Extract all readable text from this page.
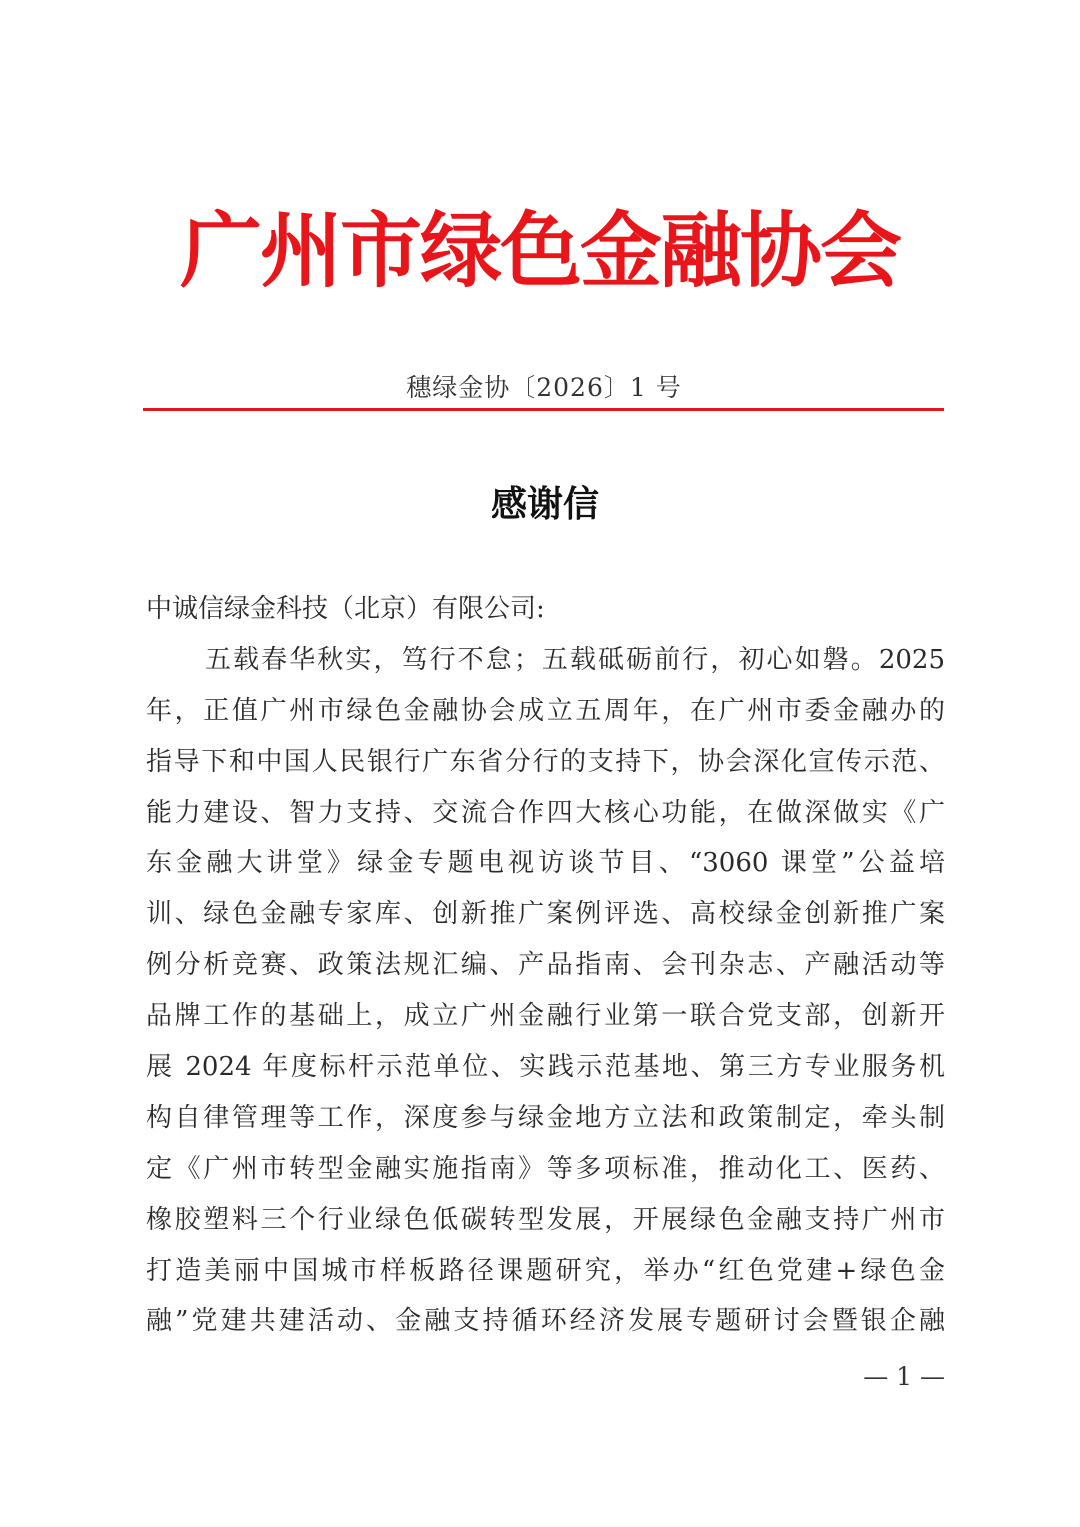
广州市绿色金融协会
穗绿金协〔2026〕1 号
感谢信
中诚信绿金科技（北京）有限公司:
五载春华秋实，笃行不怠；五载砥砺前行，初心如磐。2025
年，正值广州市绿色金融协会成立五周年，在广州市委金融办的
指导下和中国人民银行广东省分行的支持下，协会深化宣传示范、
能力建设、智力支持、交流合作四大核心功能，在做深做实《广
东金融大讲堂》绿金专题电视访谈节目、“3060 课堂”公益培
训、绿色金融专家库、创新推广案例评选、高校绿金创新推广案
例分析竞赛、政策法规汇编、产品指南、会刊杂志、产融活动等
品牌工作的基础上，成立广州金融行业第一联合党支部，创新开
展 2024 年度标杆示范单位、实践示范基地、第三方专业服务机
构自律管理等工作，深度参与绿金地方立法和政策制定，牵头制
定《广州市转型金融实施指南》等多项标准，推动化工、医药、
橡胶塑料三个行业绿色低碳转型发展，开展绿色金融支持广州市
打造美丽中国城市样板路径课题研究，举办“红色党建+绿色金
融”党建共建活动、金融支持循环经济发展专题研讨会暨银企融
— 1 —
